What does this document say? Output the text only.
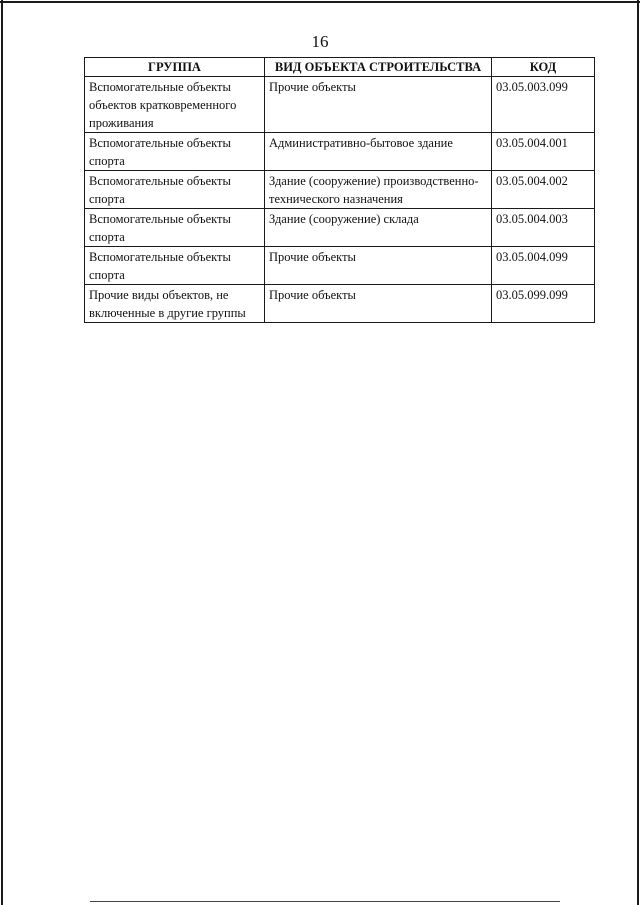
16
ГРУППА	ВИД ОБЪЕКТА СТРОИТЕЛЬСТВА	КОД
Вспомогательные объекты объектов кратковременного проживания	Прочие объекты	03.05.003.099
Вспомогательные объекты спорта	Административно-бытовое здание	03.05.004.001
Вспомогательные объекты спорта	Здание (сооружение) производственно-технического назначения	03.05.004.002
Вспомогательные объекты спорта	Здание (сооружение) склада	03.05.004.003
Вспомогательные объекты спорта	Прочие объекты	03.05.004.099
Прочие виды объектов, не включенные в другие группы	Прочие объекты	03.05.099.099
